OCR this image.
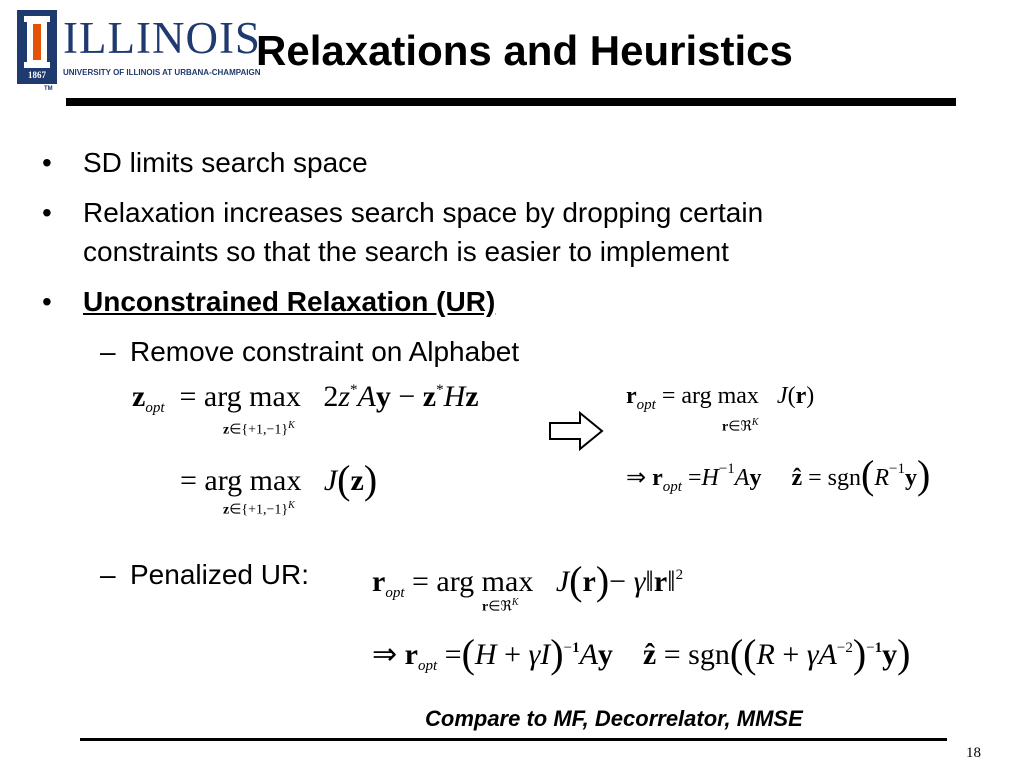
1867
ILLINOIS
UNIVERSITY OF ILLINOIS AT URBANA-CHAMPAIGN
TM
Relaxations and Heuristics
• SD limits search space
• Relaxation increases search space by dropping certain
constraints so that the search is easier to implement
• Unconstrained Relaxation (UR)
– Remove constraint on Alphabet
$z_{opt}$  = arg max   2z*Ay − z*Hz
$z\in\{+1,-1\}^K$
= arg max   J(z)
$z\in\{+1,-1\}^K$
$r_{opt}$ = arg max   J(r)
r∈ℜ$^K$
⇒ $r_{opt} =H^{-1}Ay$ ẑ = $sgn(R^{-1}y)$
– Penalized UR: $r_{opt}$ = arg max   J(r)− γ‖r‖$^2$
r∈ℜ$^K$
⇒ $r_{opt} =(H + \gamma I)^{-1}Ay$ ẑ = $sgn((R + \gamma A^{-2})^{-1}y)$
Compare to MF, Decorrelator, MMSE
18
